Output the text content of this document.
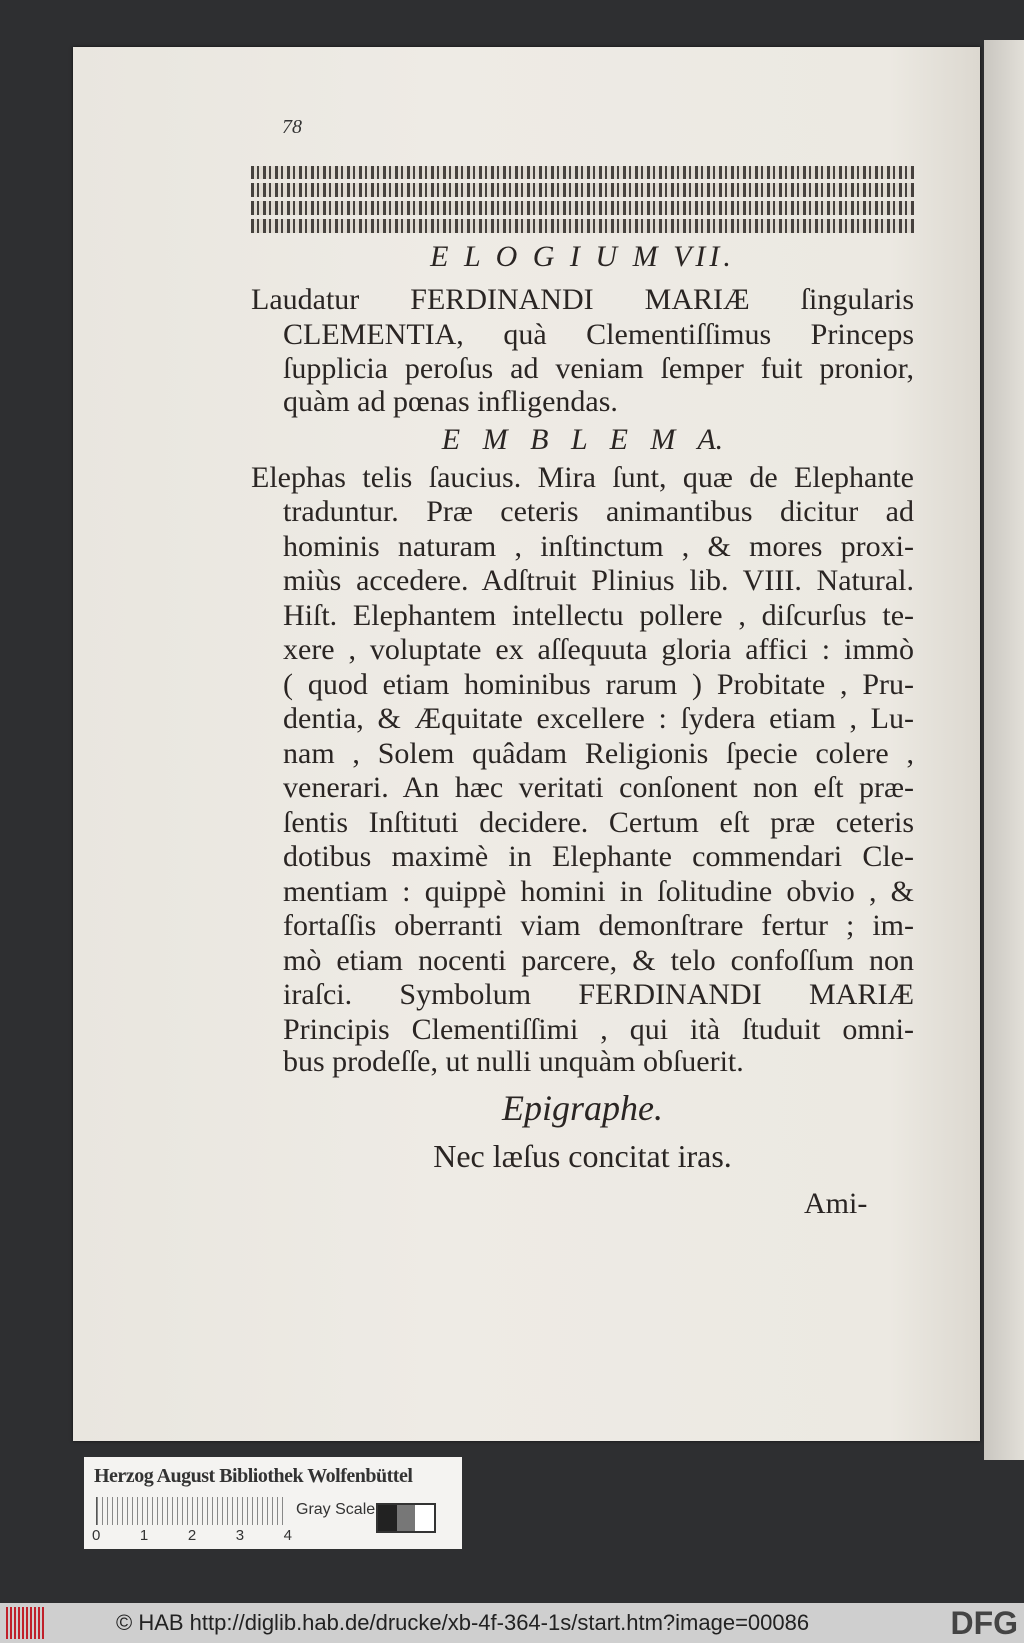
78
E L O G I U M VII.
Laudatur FERDINANDI MARIÆ ſingularis
CLEMENTIA, quà Clementiſſimus Princeps
ſupplicia peroſus ad veniam ſemper fuit pronior,
quàm ad pœnas infligendas.
E   M   B   L   E   M   A.
Elephas telis ſaucius. Mira ſunt, quæ de Elephante
traduntur. Præ ceteris animantibus dicitur ad
hominis naturam , inſtinctum , & mores proxi-
miùs accedere. Adſtruit Plinius lib. VIII. Natural.
Hiſt. Elephantem intellectu pollere , diſcurſus te-
xere , voluptate ex aſſequuta gloria affici : immò
( quod etiam hominibus rarum ) Probitate , Pru-
dentia, & Æquitate excellere : ſydera etiam , Lu-
nam , Solem quâdam Religionis ſpecie colere ,
venerari. An hæc veritati conſonent non eſt præ-
ſentis Inſtituti decidere. Certum eſt præ ceteris
dotibus maximè in Elephante commendari Cle-
mentiam : quippè homini in ſolitudine obvio , &
fortaſſis oberranti viam demonſtrare fertur ; im-
mò etiam nocenti parcere, & telo confoſſum non
iraſci. Symbolum FERDINANDI MARIÆ
Principis Clementiſſimi , qui ità ſtuduit omni-
bus prodeſſe, ut nulli unquàm obſuerit.
Epigraphe.
Nec læſus concitat iras.
Ami-
Herzog August Bibliothek Wolfenbüttel
0	1	2	3	4
Gray Scale
© HAB http://diglib.hab.de/drucke/xb-4f-364-1s/start.htm?image=00086	DFG
